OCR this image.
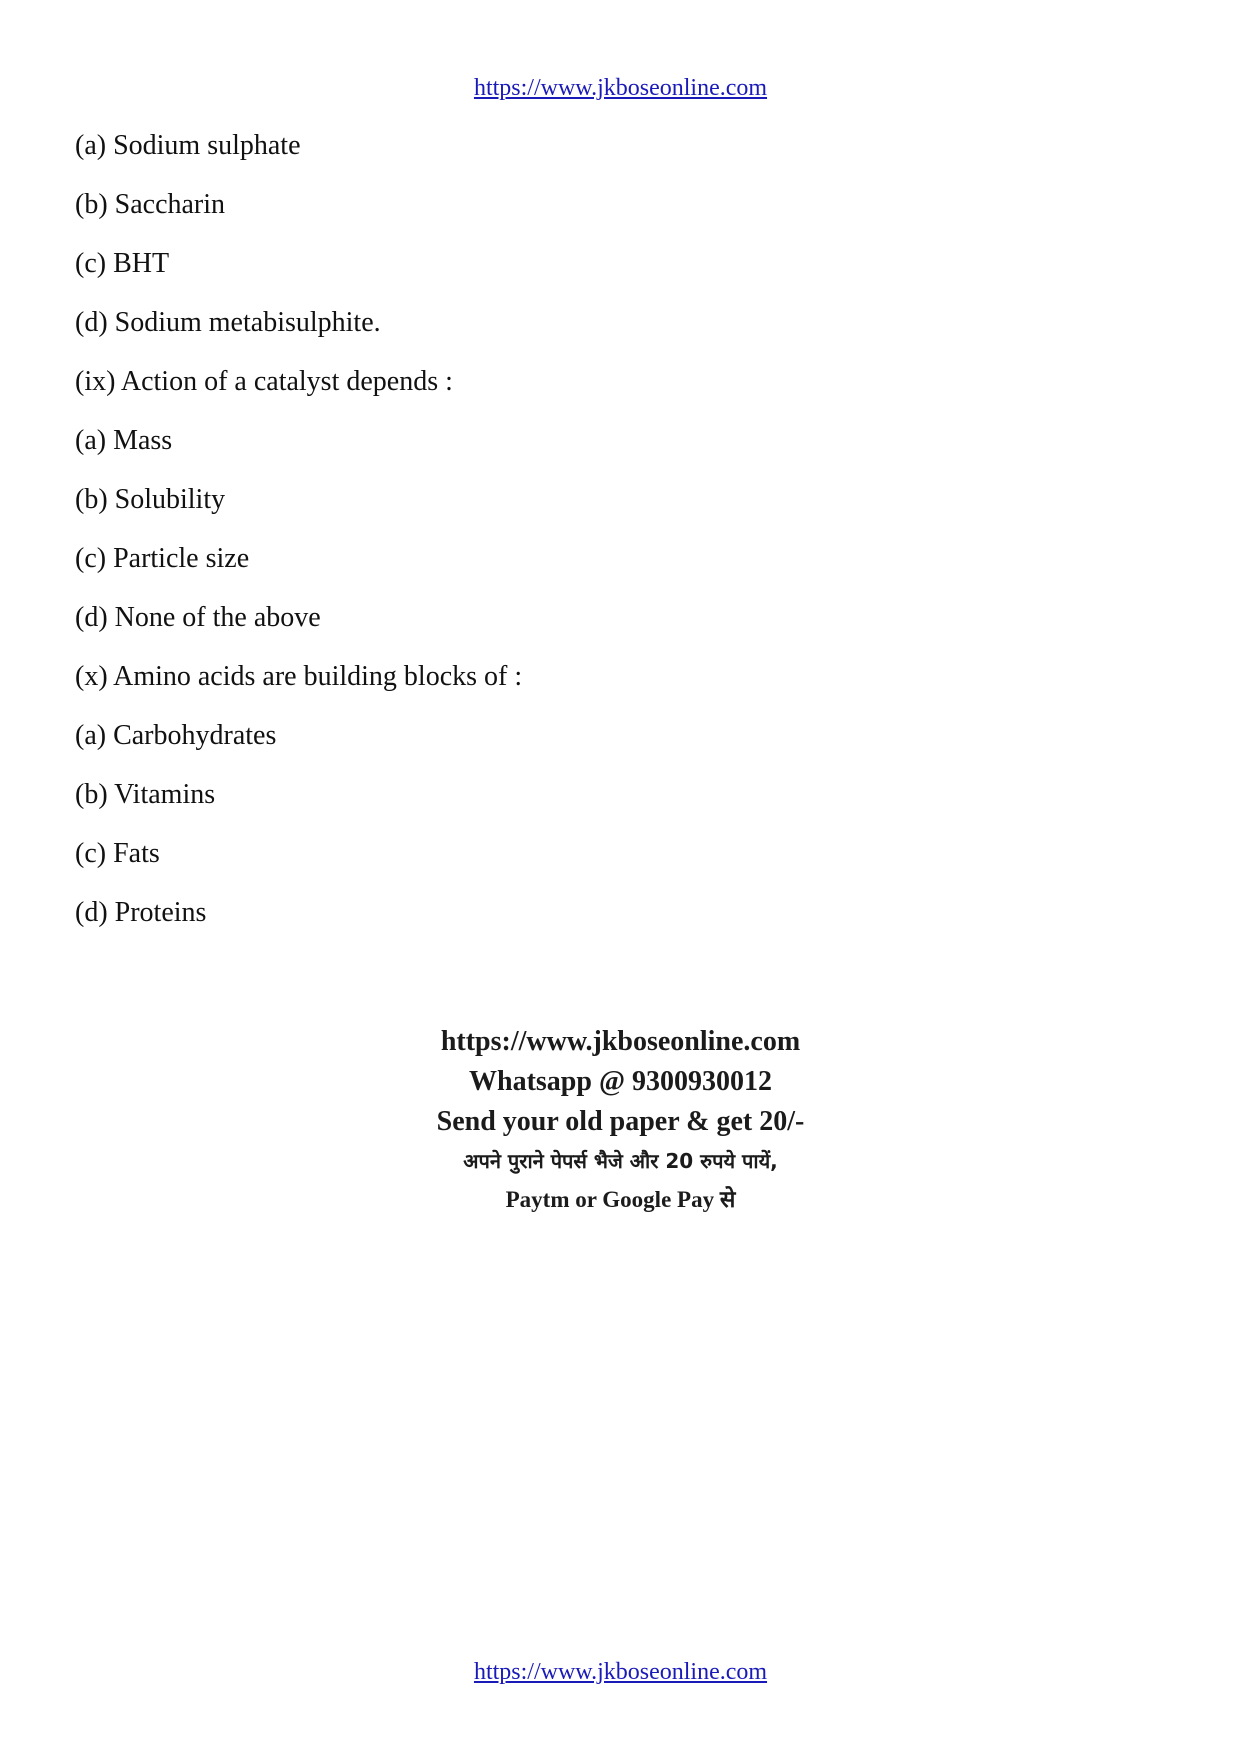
https://www.jkboseonline.com
(a) Sodium sulphate
(b) Saccharin
(c) BHT
(d) Sodium metabisulphite.
(ix) Action of a catalyst depends :
(a) Mass
(b) Solubility
(c) Particle size
(d) None of the above
(x) Amino acids are building blocks of :
(a) Carbohydrates
(b) Vitamins
(c) Fats
(d) Proteins
https://www.jkboseonline.com
Whatsapp @ 9300930012
Send your old paper & get 20/-
अपने पुराने पेपर्स भैजे और 20 रुपये पायें,
Paytm or Google Pay से
https://www.jkboseonline.com
